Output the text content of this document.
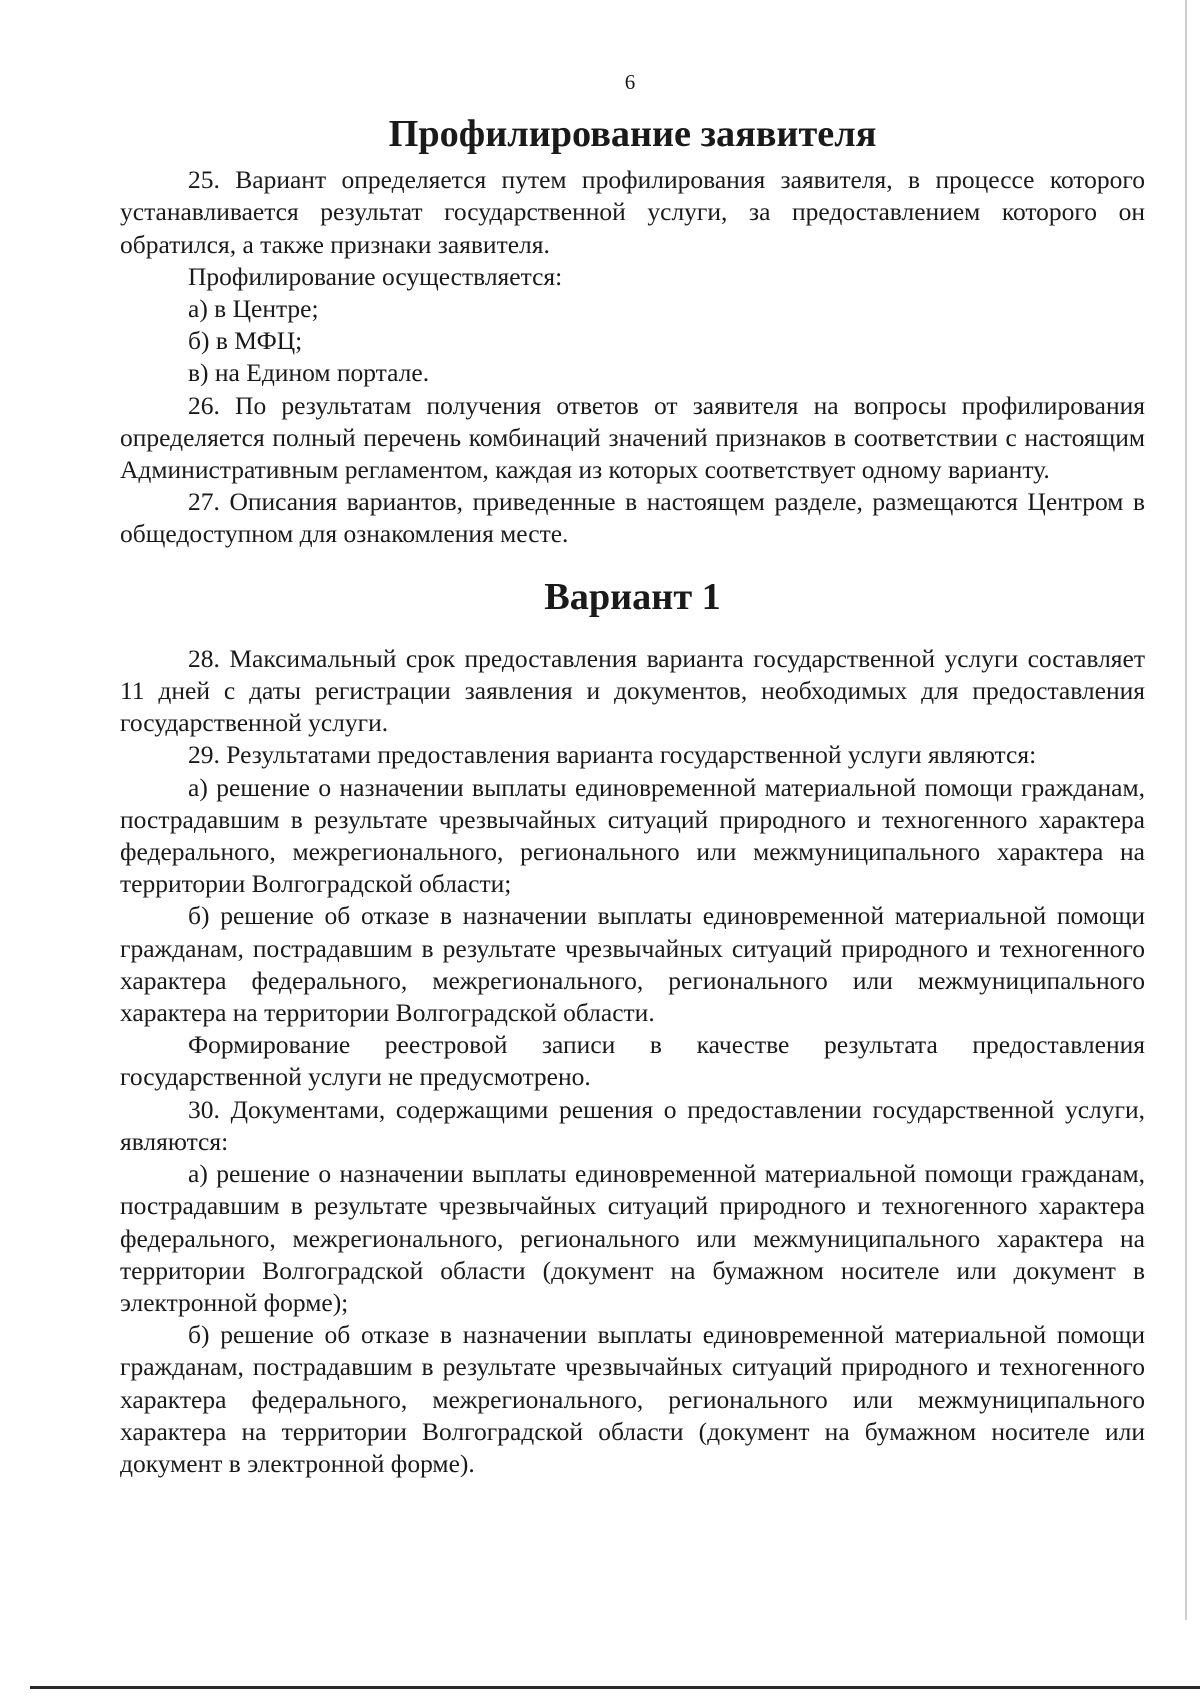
6
Профилирование заявителя

25. Вариант определяется путем профилирования заявителя, в процессе которого устанавливается результат государственной услуги, за предоставлением которого он обратился, а также признаки заявителя.

Профилирование осуществляется:

а) в Центре;

б) в МФЦ;

в) на Едином портале.

26. По результатам получения ответов от заявителя на вопросы профилирования определяется полный перечень комбинаций значений признаков в соответствии с настоящим Административным регламентом, каждая из которых соответствует одному варианту.

27. Описания вариантов, приведенные в настоящем разделе, размещаются Центром в общедоступном для ознакомления месте.

Вариант 1

28. Максимальный срок предоставления варианта государственной услуги составляет 11 дней с даты регистрации заявления и документов, необходимых для предоставления государственной услуги.

29. Результатами предоставления варианта государственной услуги являются:

а) решение о назначении выплаты единовременной материальной помощи гражданам, пострадавшим в результате чрезвычайных ситуаций природного и техногенного характера федерального, межрегионального, регионального или межмуниципального характера на территории Волгоградской области;

б) решение об отказе в назначении выплаты единовременной материальной помощи гражданам, пострадавшим в результате чрезвычайных ситуаций природного и техногенного характера федерального, межрегионального, регионального или межмуниципального характера на территории Волгоградской области.

Формирование реестровой записи в качестве результата предоставления государственной услуги не предусмотрено.

30. Документами, содержащими решения о предоставлении государственной услуги, являются:

а) решение о назначении выплаты единовременной материальной помощи гражданам, пострадавшим в результате чрезвычайных ситуаций природного и техногенного характера федерального, межрегионального, регионального или межмуниципального характера на территории Волгоградской области (документ на бумажном носителе или документ в электронной форме);

б) решение об отказе в назначении выплаты единовременной материальной помощи гражданам, пострадавшим в результате чрезвычайных ситуаций природного и техногенного характера федерального, межрегионального, регионального или межмуниципального характера на территории Волгоградской области (документ на бумажном носителе или документ в электронной форме).
